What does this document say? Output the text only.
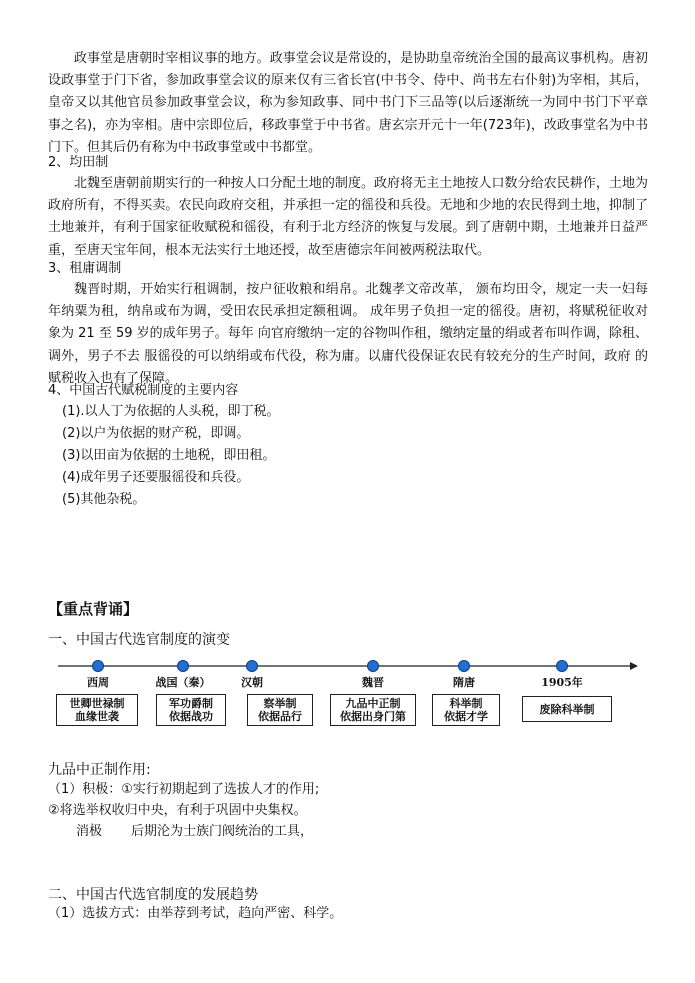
政事堂是唐朝时宰相议事的地方。政事堂会议是常设的，是协助皇帝统治全国的最高议事机构。唐初设政事堂于门下省，参加政事堂会议的原来仅有三省长官(中书令、侍中、尚书左右仆射)为宰相，其后，皇帝又以其他官员参加政事堂会议，称为参知政事、同中书门下三品等(以后逐渐统一为同中书门下平章事之名)，亦为宰相。唐中宗即位后，移政事堂于中书省。唐玄宗开元十一年(723年)，改政事堂名为中书门下。但其后仍有称为中书政事堂或中书都堂。

2、均田制

北魏至唐朝前期实行的一种按人口分配土地的制度。政府将无主土地按人口数分给农民耕作，土地为政府所有，不得买卖。农民向政府交租，并承担一定的徭役和兵役。无地和少地的农民得到土地，抑制了土地兼并，有利于国家征收赋税和徭役，有利于北方经济的恢复与发展。到了唐朝中期，土地兼并日益严重，至唐天宝年间，根本无法实行土地还授，故至唐德宗年间被两税法取代。

3、租庸调制

魏晋时期，开始实行租调制，按户征收粮和绢帛。北魏孝文帝改革， 颁布均田令，规定一夫一妇每年纳粟为租，纳帛或布为调，受田农民承担定额租调。 成年男子负担一定的徭役。唐初，将赋税征收对象为 21 至 59 岁的成年男子。每年 向官府缴纳一定的谷物叫作租，缴纳定量的绢或者布叫作调，除租、调外，男子不去 服徭役的可以纳绢或布代役，称为庸。以庸代役保证农民有较充分的生产时间，政府 的赋税收入也有了保障。

4、中国古代赋税制度的主要内容

(1).以人丁为依据的人头税，即丁税。

(2)以户为依据的财产税，即调。

(3)以田亩为依据的土地税，即田租。

(4)成年男子还要服徭役和兵役。

(5)其他杂税。

【重点背诵】

一、中国古代选官制度的演变

西周	战国（秦）	汉朝	魏晋	隋唐	1905年
世卿世禄制
血缘世袭
军功爵制
依据战功
察举制
依据品行
九品中正制
依据出身门第
科举制
依据才学
废除科举制

九品中正制作用:

（1）积极：①实行初期起到了选拔人才的作用;

②将选举权收归中央，有利于巩固中央集权。

消极 后期沦为士族门阀统治的工具，

二、中国古代选官制度的发展趋势

（1）选拔方式：由举荐到考试，趋向严密、科学。
